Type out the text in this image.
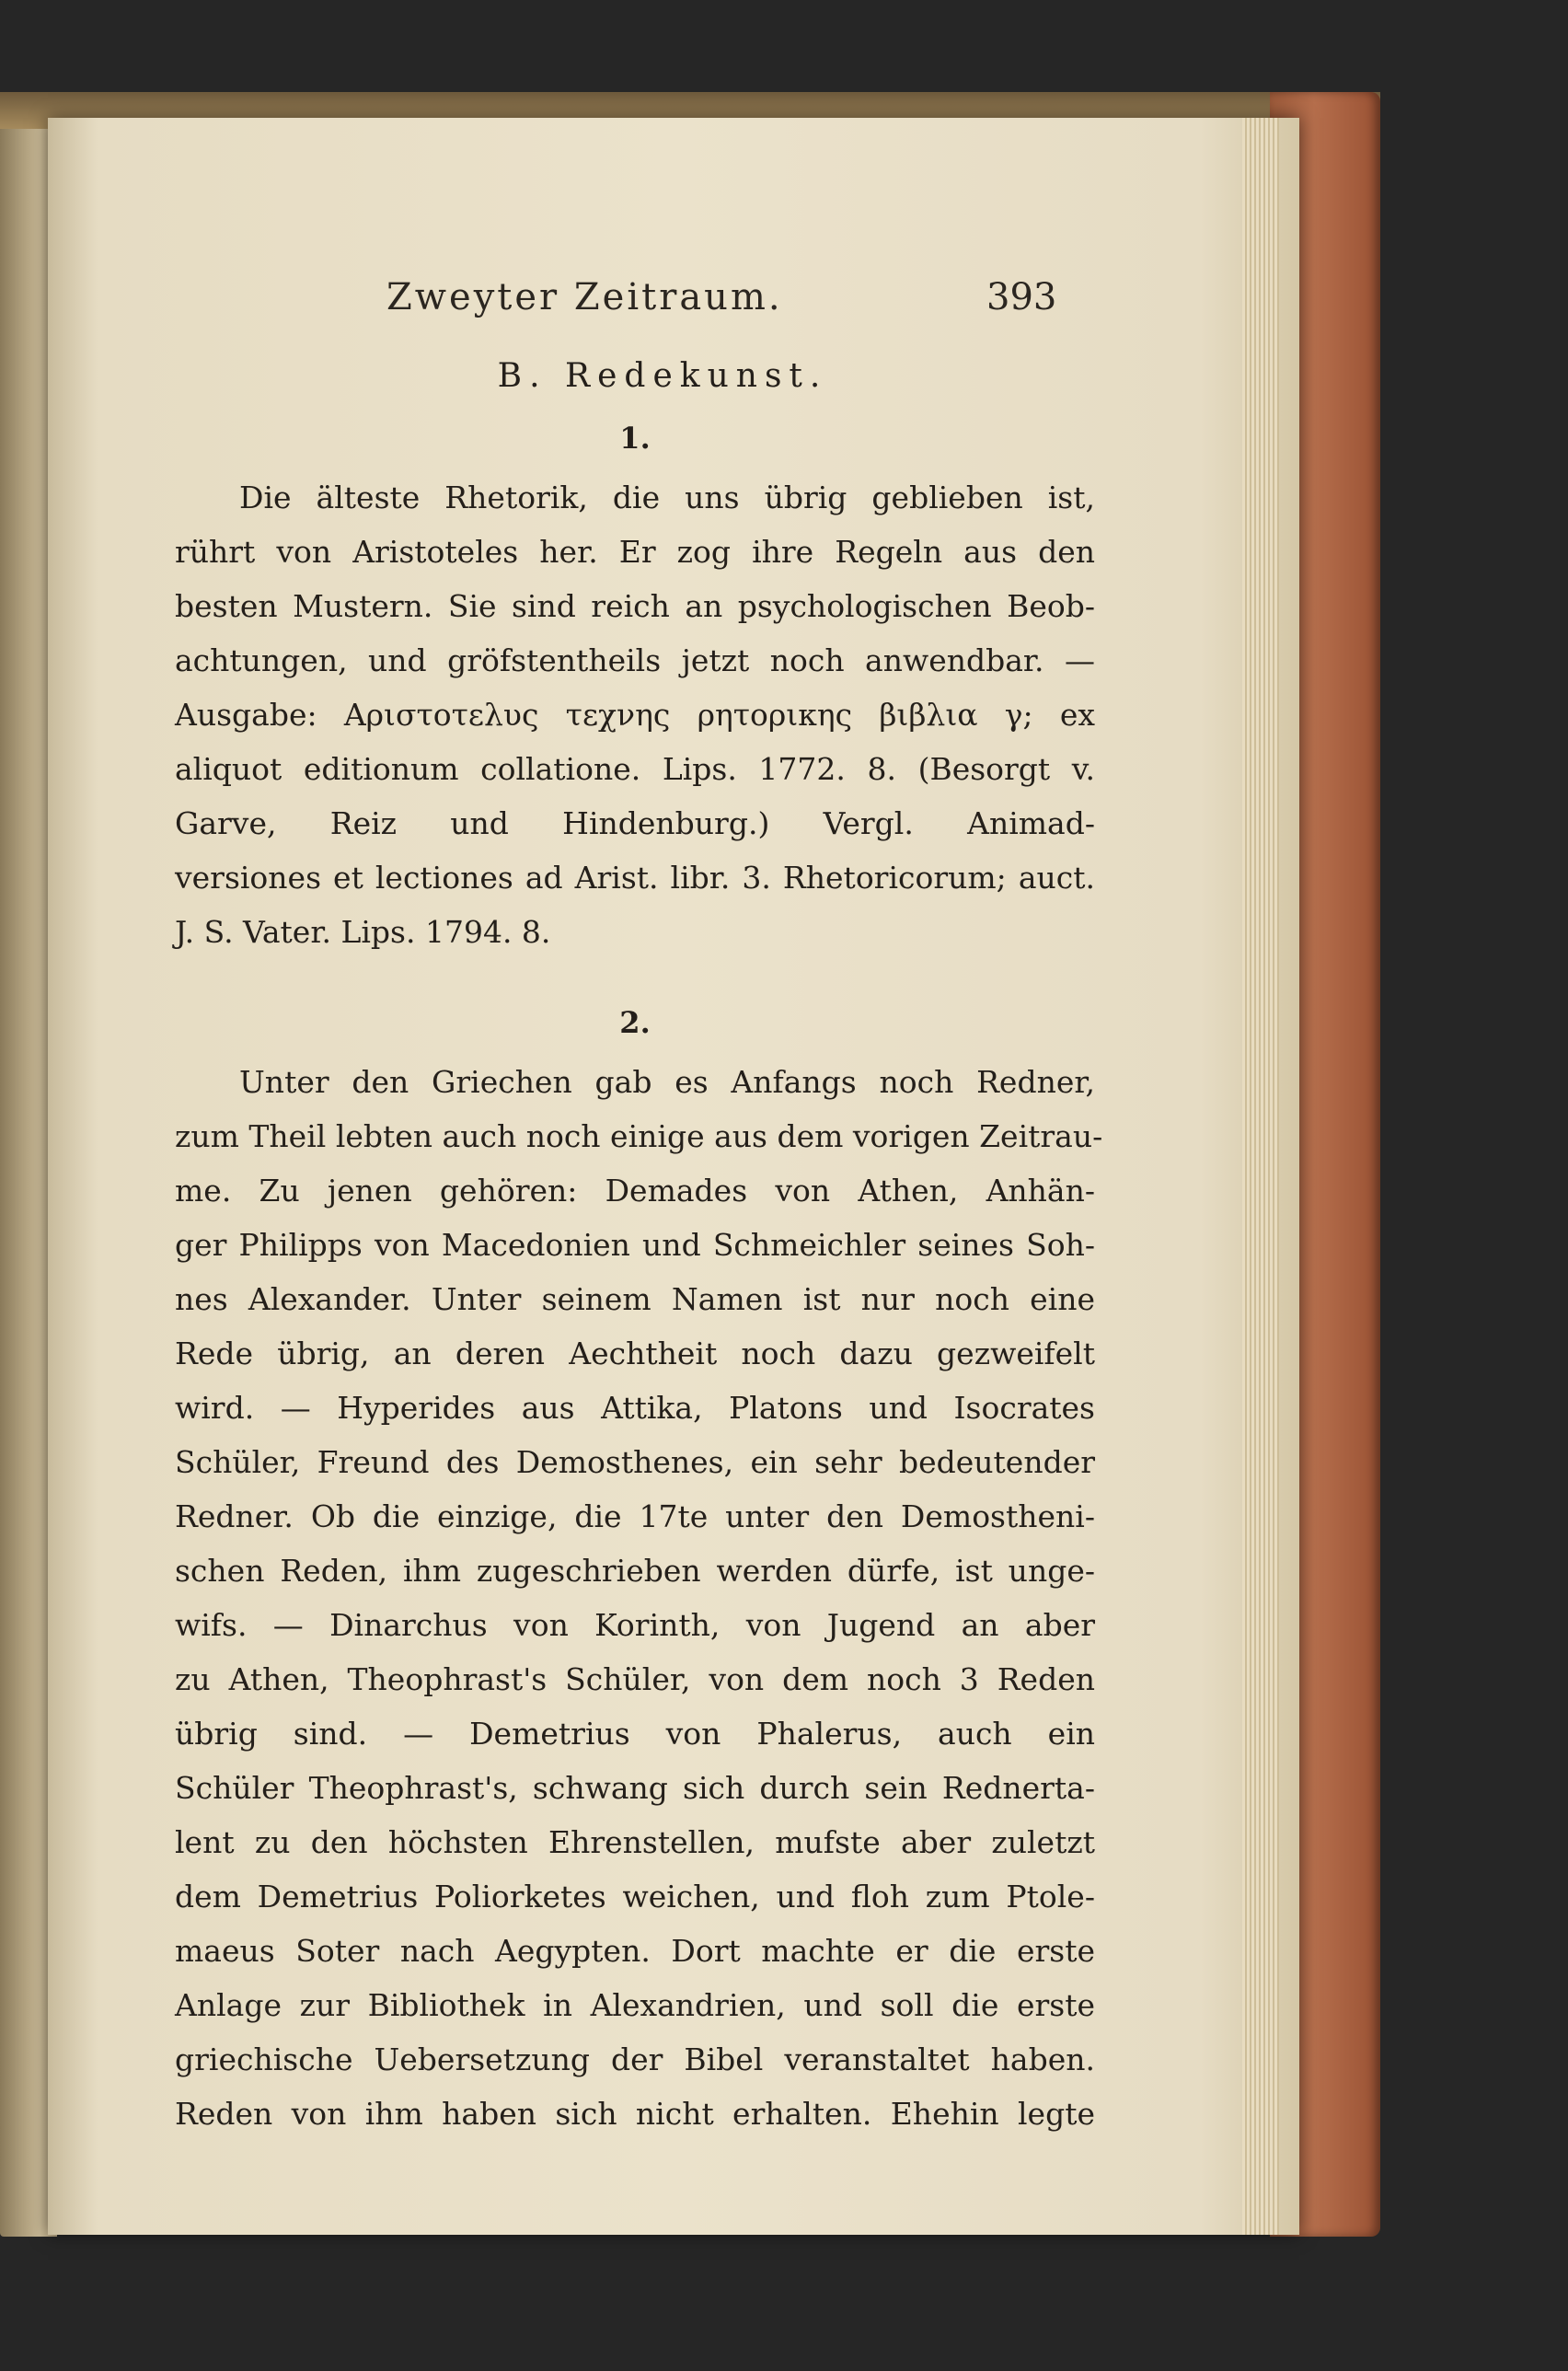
Zweyter Zeitraum.	393
B. Redekunst.
1.
Die älteste Rhetorik, die uns übrig geblieben ist,
rührt von Aristoteles her. Er zog ihre Regeln aus den
besten Mustern. Sie sind reich an psychologischen Beob-
achtungen, und gröfstentheils jetzt noch anwendbar. —
Ausgabe: Αριστοτελυς τεχνης ρητορικης βιβλια γ; ex
aliquot editionum collatione. Lips. 1772. 8. (Besorgt v.
Garve, Reiz und Hindenburg.) Vergl. Animad-
versiones et lectiones ad Arist. libr. 3. Rhetoricorum; auct.
J. S. Vater. Lips. 1794. 8.
2.
Unter den Griechen gab es Anfangs noch Redner,
zum Theil lebten auch noch einige aus dem vorigen Zeitrau-
me. Zu jenen gehören: Demades von Athen, Anhän-
ger Philipps von Macedonien und Schmeichler seines Soh-
nes Alexander. Unter seinem Namen ist nur noch eine
Rede übrig, an deren Aechtheit noch dazu gezweifelt
wird. — Hyperides aus Attika, Platons und Isocrates
Schüler, Freund des Demosthenes, ein sehr bedeutender
Redner. Ob die einzige, die 17te unter den Demostheni-
schen Reden, ihm zugeschrieben werden dürfe, ist unge-
wifs. — Dinarchus von Korinth, von Jugend an aber
zu Athen, Theophrast's Schüler, von dem noch 3 Reden
übrig sind. — Demetrius von Phalerus, auch ein
Schüler Theophrast's, schwang sich durch sein Rednerta-
lent zu den höchsten Ehrenstellen, mufste aber zuletzt
dem Demetrius Poliorketes weichen, und floh zum Ptole-
maeus Soter nach Aegypten. Dort machte er die erste
Anlage zur Bibliothek in Alexandrien, und soll die erste
griechische Uebersetzung der Bibel veranstaltet haben.
Reden von ihm haben sich nicht erhalten. Ehehin legte
